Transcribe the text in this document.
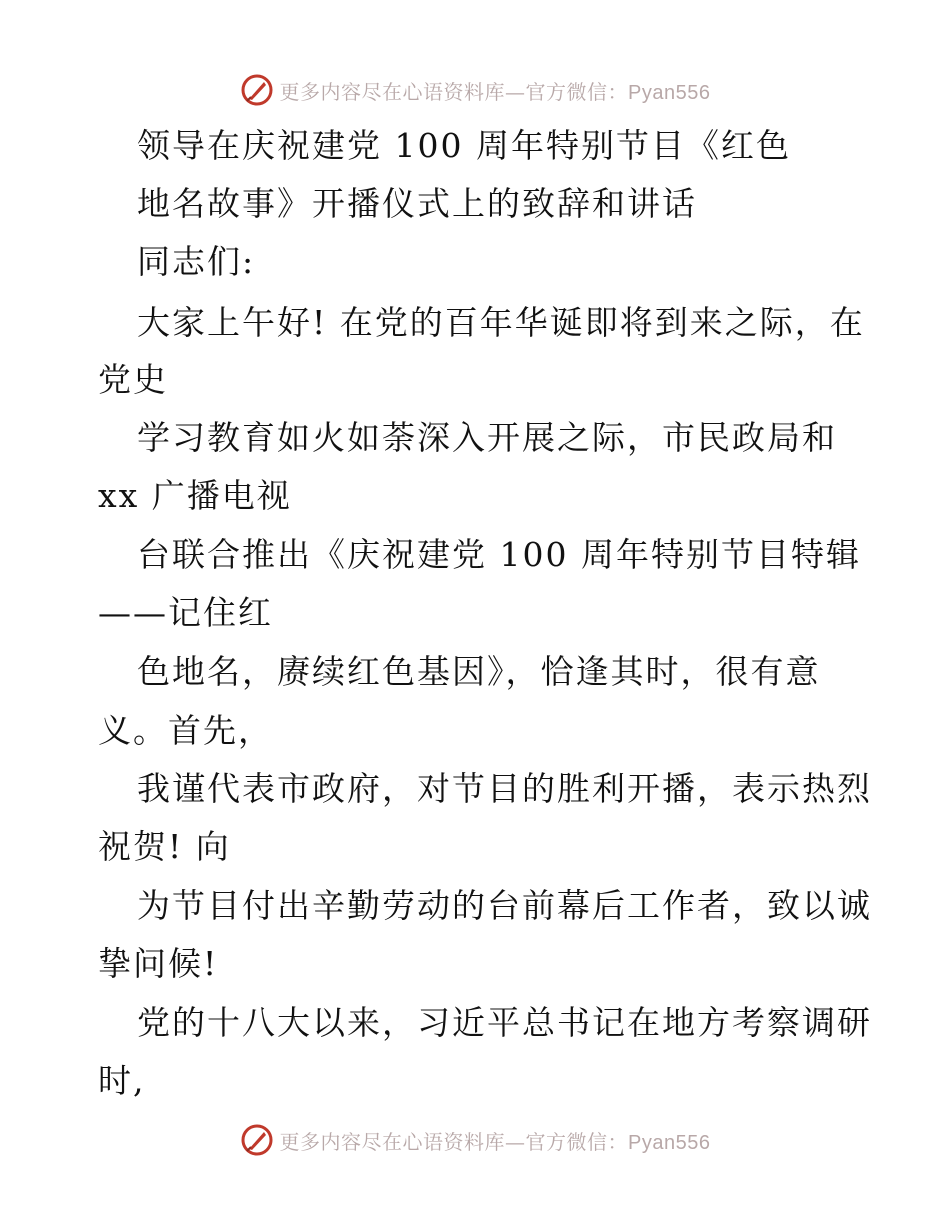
更多内容尽在心语资料库—官方微信：Pyan556
领导在庆祝建党 100 周年特别节目《红色
地名故事》开播仪式上的致辞和讲话
同志们:
大家上午好! 在党的百年华诞即将到来之际，在
党史
学习教育如火如荼深入开展之际，市民政局和
xx 广播电视
台联合推出《庆祝建党 100 周年特别节目特辑
——记住红
色地名，赓续红色基因》，恰逢其时，很有意
义。首先，
我谨代表市政府，对节目的胜利开播，表示热烈
祝贺! 向
为节目付出辛勤劳动的台前幕后工作者，致以诚
挚问候!
党的十八大以来，习近平总书记在地方考察调研
时,
更多内容尽在心语资料库—官方微信：Pyan556
